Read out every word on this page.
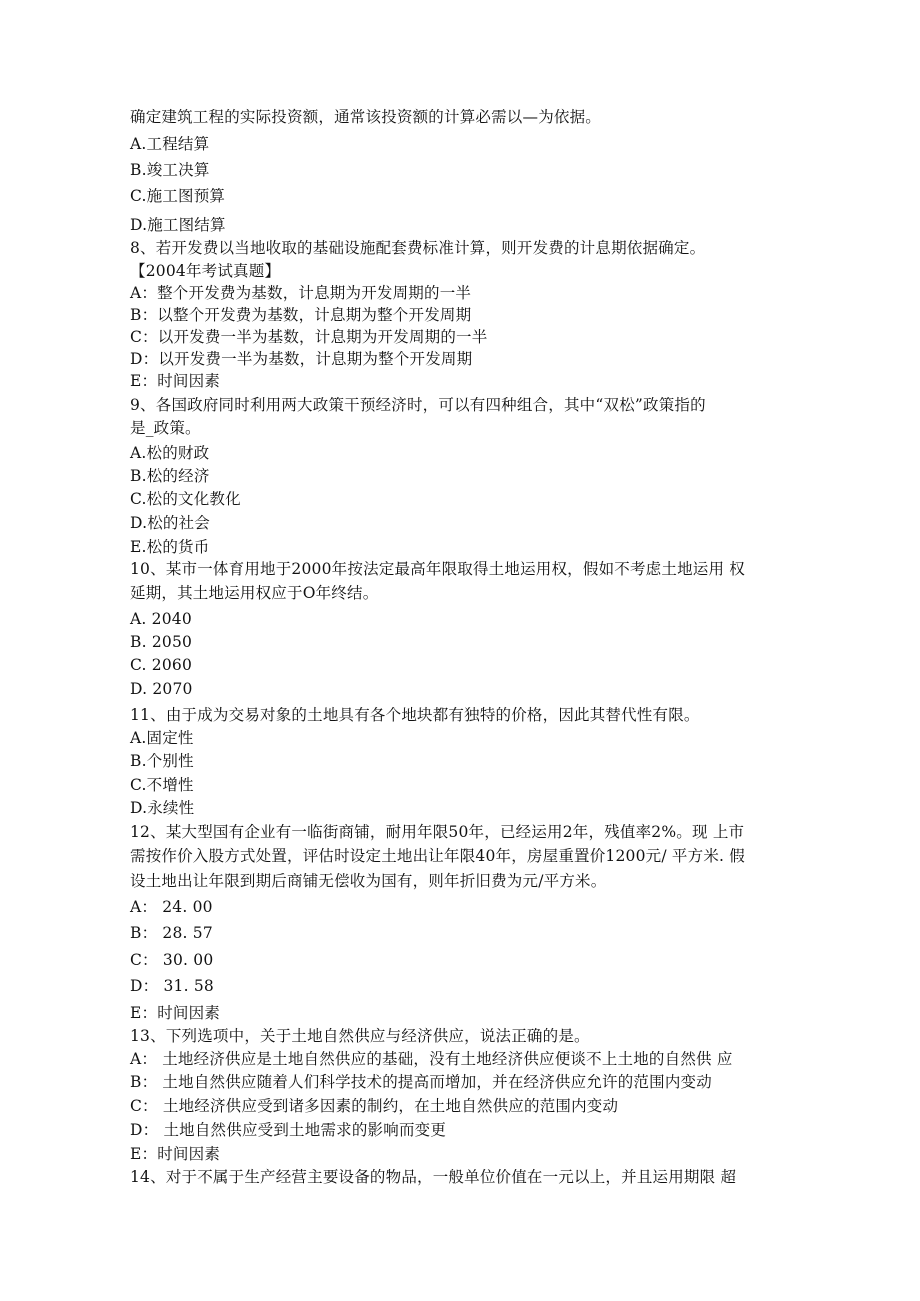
确定建筑工程的实际投资额，通常该投资额的计算必需以—为依据。
A.工程结算
B.竣工决算
C.施工图预算
D.施工图结算
8、若开发费以当地收取的基础设施配套费标准计算，则开发费的计息期依据确定。
【2004年考试真题】
A：整个开发费为基数，计息期为开发周期的一半
B：以整个开发费为基数，计息期为整个开发周期
C：以开发费一半为基数，计息期为开发周期的一半
D：以开发费一半为基数，计息期为整个开发周期
E：时间因素
9、各国政府同时利用两大政策干预经济时，可以有四种组合，其中“双松”政策指的
是_政策。
A.松的财政
B.松的经济
C.松的文化教化
D.松的社会
E.松的货币
10、某市一体育用地于2000年按法定最高年限取得土地运用权，假如不考虑土地运用 权
延期，其土地运用权应于O年终结。
A. 2040
B. 2050
C. 2060
D. 2070
11、由于成为交易对象的土地具有各个地块都有独特的价格，因此其替代性有限。
A.固定性
B.个别性
C.不增性
D.永续性
12、某大型国有企业有一临街商铺，耐用年限50年，已经运用2年，残值率2%。现 上市
需按作价入股方式处置，评估时设定土地出让年限40年，房屋重置价1200元/ 平方米. 假
设土地出让年限到期后商铺无偿收为国有，则年折旧费为元/平方米。
A： 24. 00
B： 28. 57
C： 30. 00
D： 31. 58
E：时间因素
13、下列选项中，关于土地自然供应与经济供应，说法正确的是。
A： 土地经济供应是土地自然供应的基础，没有土地经济供应便谈不上土地的自然供 应
B： 土地自然供应随着人们科学技术的提高而增加，并在经济供应允许的范围内变动
C： 土地经济供应受到诸多因素的制约，在土地自然供应的范围内变动
D： 土地自然供应受到土地需求的影响而变更
E：时间因素
14、对于不属于生产经营主要设备的物品，一般单位价值在一元以上，并且运用期限 超
